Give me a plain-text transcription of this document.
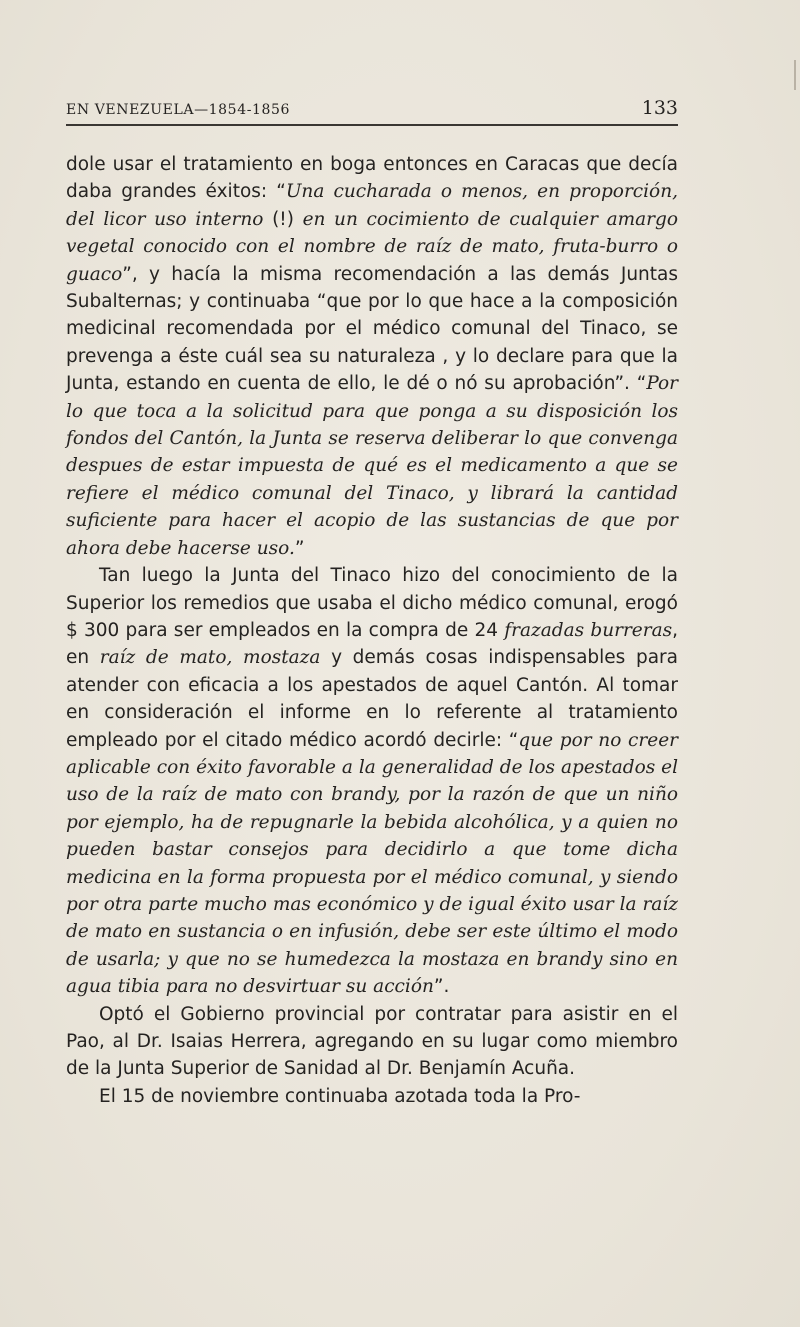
EN VENEZUELA—1854-1856	133

dole usar el tratamiento en boga entonces en Caracas que decía daba grandes éxitos: “Una cucharada o menos, en proporción, del licor uso interno (!) en un cocimiento de cualquier amargo vegetal conocido con el nombre de raíz de mato, fruta-burro o guaco”, y hacía la misma recomendación a las demás Juntas Subalternas; y continuaba “que por lo que hace a la composición medicinal recomendada por el médico comunal del Tinaco, se prevenga a éste cuál sea su naturaleza , y lo declare para que la Junta, estando en cuenta de ello, le dé o nó su aprobación”. “Por lo que toca a la solicitud para que ponga a su disposición los fondos del Cantón, la Junta se reserva deliberar lo que convenga despues de estar impuesta de qué es el medicamento a que se refiere el médico comunal del Tinaco, y librará la cantidad suficiente para hacer el acopio de las sustancias de que por ahora debe hacerse uso.”

Tan luego la Junta del Tinaco hizo del conocimiento de la Superior los remedios que usaba el dicho médico comunal, erogó $ 300 para ser empleados en la compra de 24 frazadas burreras, en raíz de mato, mostaza y demás cosas indispensables para atender con eficacia a los apestados de aquel Cantón. Al tomar en consideración el informe en lo referente al tratamiento empleado por el citado médico acordó decirle: “que por no creer aplicable con éxito favorable a la generalidad de los apestados el uso de la raíz de mato con brandy, por la razón de que un niño por ejemplo, ha de repugnarle la bebida alcohólica, y a quien no pueden bastar consejos para decidirlo a que tome dicha medicina en la forma propuesta por el médico comunal, y siendo por otra parte mucho mas económico y de igual éxito usar la raíz de mato en sustancia o en infusión, debe ser este último el modo de usarla; y que no se humedezca la mostaza en brandy sino en agua tibia para no desvirtuar su acción”.

Optó el Gobierno provincial por contratar para asistir en el Pao, al Dr. Isaias Herrera, agregando en su lugar como miembro de la Junta Superior de Sanidad al Dr. Benjamín Acuña.

El 15 de noviembre continuaba azotada toda la Pro-
